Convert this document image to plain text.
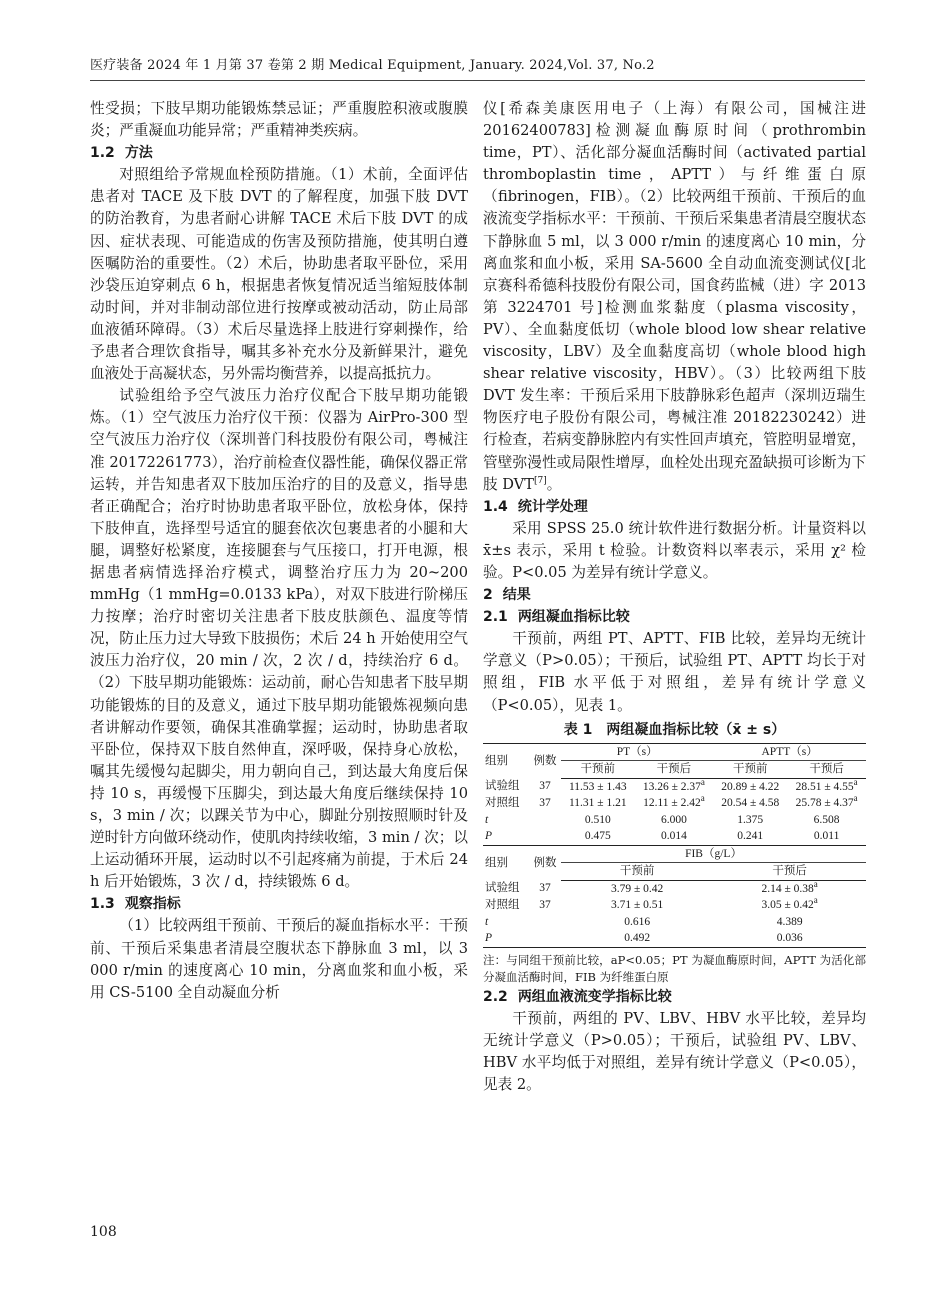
医疗装备 2024 年 1 月第 37 卷第 2 期 Medical Equipment, January. 2024,Vol. 37, No.2

性受损；下肢早期功能锻炼禁忌证；严重腹腔积液或腹膜炎；严重凝血功能异常；严重精神类疾病。

1.2 方法

对照组给予常规血栓预防措施。（1）术前，全面评估患者对 TACE 及下肢 DVT 的了解程度，加强下肢 DVT 的防治教育，为患者耐心讲解 TACE 术后下肢 DVT 的成因、症状表现、可能造成的伤害及预防措施，使其明白遵医嘱防治的重要性。（2）术后，协助患者取平卧位，采用沙袋压迫穿刺点 6 h，根据患者恢复情况适当缩短肢体制动时间，并对非制动部位进行按摩或被动活动，防止局部血液循环障碍。（3）术后尽量选择上肢进行穿刺操作，给予患者合理饮食指导，嘱其多补充水分及新鲜果汁，避免血液处于高凝状态，另外需均衡营养，以提高抵抗力。

试验组给予空气波压力治疗仪配合下肢早期功能锻炼。（1）空气波压力治疗仪干预：仪器为 AirPro-300 型空气波压力治疗仪（深圳普门科技股份有限公司，粤械注准 20172261773），治疗前检查仪器性能，确保仪器正常运转，并告知患者双下肢加压治疗的目的及意义，指导患者正确配合；治疗时协助患者取平卧位，放松身体，保持下肢伸直，选择型号适宜的腿套依次包裹患者的小腿和大腿，调整好松紧度，连接腿套与气压接口，打开电源，根据患者病情选择治疗模式，调整治疗压力为 20~200 mmHg（1 mmHg=0.0133 kPa），对双下肢进行阶梯压力按摩；治疗时密切关注患者下肢皮肤颜色、温度等情况，防止压力过大导致下肢损伤；术后 24 h 开始使用空气波压力治疗仪，20 min / 次，2 次 / d，持续治疗 6 d。（2）下肢早期功能锻炼：运动前，耐心告知患者下肢早期功能锻炼的目的及意义，通过下肢早期功能锻炼视频向患者讲解动作要领，确保其准确掌握；运动时，协助患者取平卧位，保持双下肢自然伸直，深呼吸，保持身心放松，嘱其先缓慢勾起脚尖，用力朝向自己，到达最大角度后保持 10 s，再缓慢下压脚尖，到达最大角度后继续保持 10 s，3 min / 次；以踝关节为中心，脚趾分别按照顺时针及逆时针方向做环绕动作，使肌肉持续收缩，3 min / 次；以上运动循环开展，运动时以不引起疼痛为前提，于术后 24 h 后开始锻炼，3 次 / d，持续锻炼 6 d。

1.3 观察指标

（1）比较两组干预前、干预后的凝血指标水平：干预前、干预后采集患者清晨空腹状态下静脉血 3 ml，以 3 000 r/min 的速度离心 10 min，分离血浆和血小板，采用 CS-5100 全自动凝血分析

仪[希森美康医用电子（上海）有限公司，国械注进 20162400783]检测凝血酶原时间（prothrombin time，PT）、活化部分凝血活酶时间（activated partial thromboplastin time，APTT）与纤维蛋白原（fibrinogen，FIB）。（2）比较两组干预前、干预后的血液流变学指标水平：干预前、干预后采集患者清晨空腹状态下静脉血 5 ml，以 3 000 r/min 的速度离心 10 min，分离血浆和血小板，采用 SA-5600 全自动血流变测试仪[北京赛科希德科技股份有限公司，国食药监械（进）字 2013 第 3224701 号]检测血浆黏度（plasma viscosity，PV）、全血黏度低切（whole blood low shear relative viscosity，LBV）及全血黏度高切（whole blood high shear relative viscosity，HBV）。（3）比较两组下肢 DVT 发生率：干预后采用下肢静脉彩色超声（深圳迈瑞生物医疗电子股份有限公司，粤械注准 20182230242）进行检查，若病变静脉腔内有实性回声填充，管腔明显增宽，管壁弥漫性或局限性增厚，血栓处出现充盈缺损可诊断为下肢 DVT[7]。

1.4 统计学处理

采用 SPSS 25.0 统计软件进行数据分析。计量资料以 x̄±s 表示，采用 t 检验。计数资料以率表示，采用 χ² 检验。P<0.05 为差异有统计学意义。

2 结果

2.1 两组凝血指标比较

干预前，两组 PT、APTT、FIB 比较，差异均无统计学意义（P>0.05）；干预后，试验组 PT、APTT 均长于对照组，FIB 水平低于对照组，差异有统计学意义（P<0.05），见表 1。

表 1　两组凝血指标比较（x̄ ± s）
组别	例数	PT（s）		APTT（s）	
		干预前	干预后	干预前	干预后
试验组	37	11.53 ± 1.43	13.26 ± 2.37$^a$	20.89 ± 4.22	28.51 ± 4.55$^a$
对照组	37	11.31 ± 1.21	12.11 ± 2.42$^a$	20.54 ± 4.58	25.78 ± 4.37$^a$
t		0.510	6.000	1.375	6.508
P		0.475	0.014	0.241	0.011
组别	例数	FIB（g/L）			
		干预前		干预后	
试验组	37	3.79 ± 0.42		2.14 ± 0.38$^a$
对照组	37	3.71 ± 0.51		3.05 ± 0.42$^a$
t		0.616		4.389	
P		0.492		0.036	
注：与同组干预前比较，aP<0.05；PT 为凝血酶原时间，APTT 为活化部分凝血活酶时间，FIB 为纤维蛋白原

2.2 两组血液流变学指标比较

干预前，两组的 PV、LBV、HBV 水平比较，差异均无统计学意义（P>0.05）；干预后，试验组 PV、LBV、HBV 水平均低于对照组，差异有统计学意义（P<0.05），见表 2。

108
